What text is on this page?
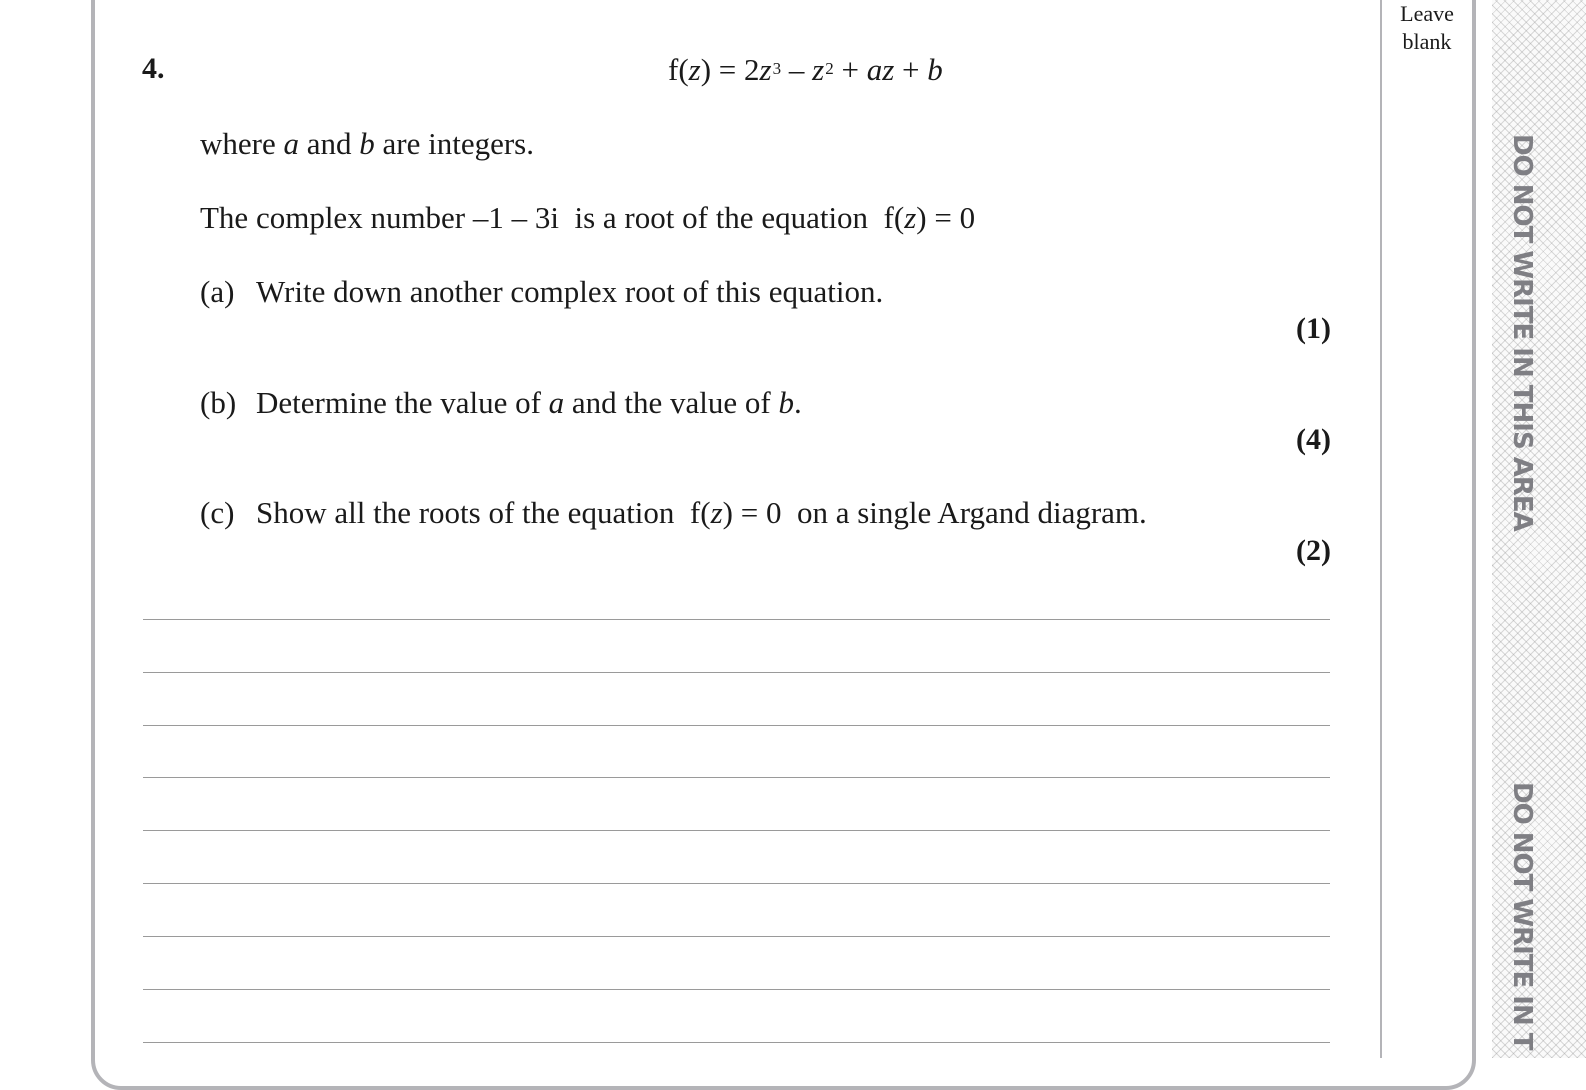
Leave
blank
DO NOT WRITE IN THIS AREA
DO NOT WRITE IN T
4.	$f(z) = 2z^3 - z^2$ + az + b
where a and b are integers.
The complex number –1 – 3i  is a root of the equation  f(z) = 0
(a) Write down another complex root of this equation.
(1)
(b) Determine the value of a and the value of b.
(4)
(c) Show all the roots of the equation  f(z) = 0  on a single Argand diagram.
(2)
